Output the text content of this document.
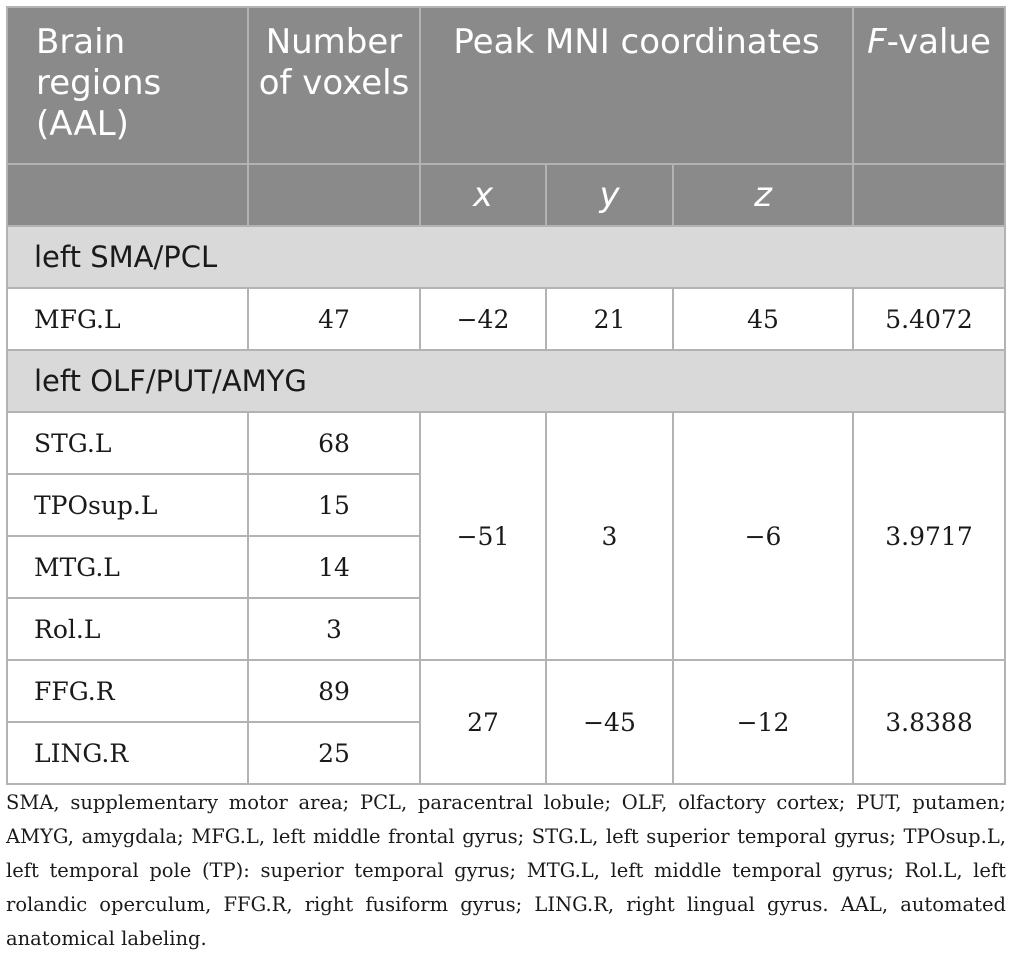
Brain regions (AAL)	Number of voxels	Peak MNI coordinates			F-value
		x	y	z	
left SMA/PCL					
MFG.L	47	−42	21	45	5.4072
left OLF/PUT/AMYG					
STG.L	68	−51	3	−6	3.9717
TPOsup.L	15				
MTG.L	14				
Rol.L	3				
FFG.R	89	27	−45	−12	3.8388
LING.R	25				

SMA, supplementary motor area; PCL, paracentral lobule; OLF, olfactory cortex; PUT, putamen; AMYG, amygdala; MFG.L, left middle frontal gyrus; STG.L, left superior temporal gyrus; TPOsup.L, left temporal pole (TP): superior temporal gyrus; MTG.L, left middle temporal gyrus; Rol.L, left rolandic operculum, FFG.R, right fusiform gyrus; LING.R, right lingual gyrus. AAL, automated anatomical labeling.
